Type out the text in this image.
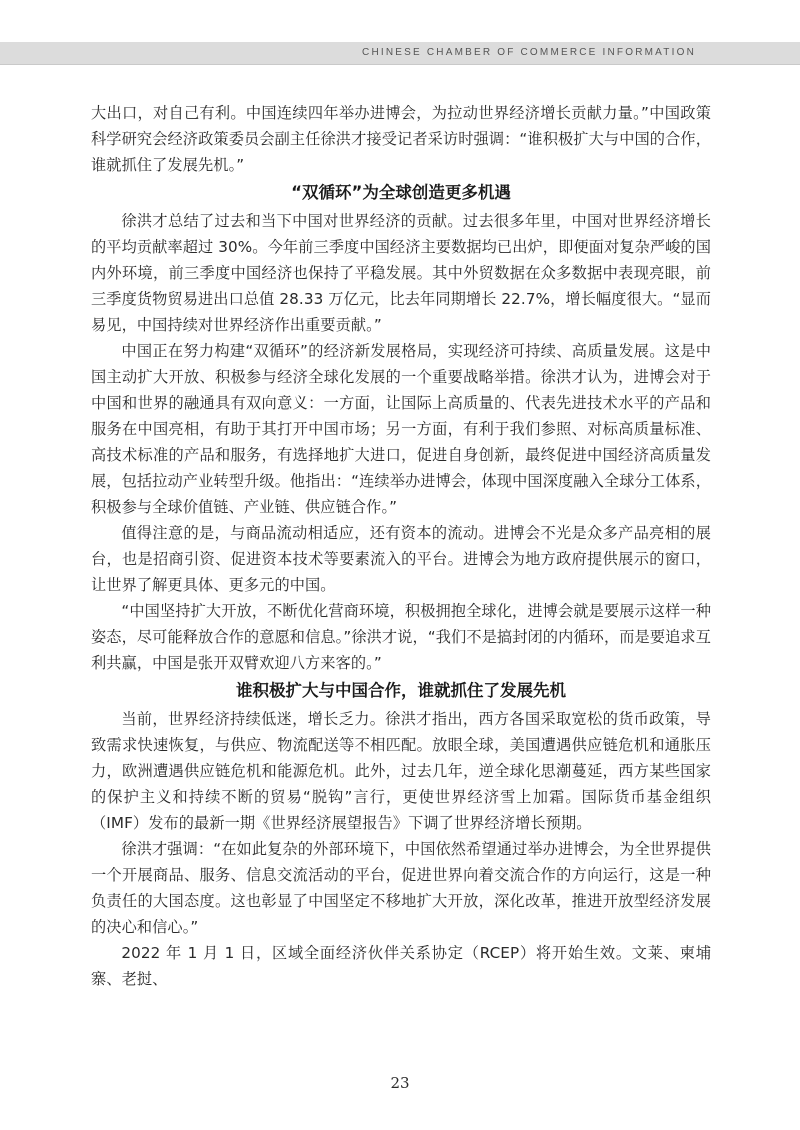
CHINESE CHAMBER OF COMMERCE INFORMATION

大出口，对自己有利。中国连续四年举办进博会，为拉动世界经济增长贡献力量。”中国政策科学研究会经济政策委员会副主任徐洪才接受记者采访时强调：“谁积极扩大与中国的合作，谁就抓住了发展先机。”

“双循环”为全球创造更多机遇

徐洪才总结了过去和当下中国对世界经济的贡献。过去很多年里，中国对世界经济增长的平均贡献率超过 30%。今年前三季度中国经济主要数据均已出炉，即便面对复杂严峻的国内外环境，前三季度中国经济也保持了平稳发展。其中外贸数据在众多数据中表现亮眼，前三季度货物贸易进出口总值 28.33 万亿元，比去年同期增长 22.7%，增长幅度很大。“显而易见，中国持续对世界经济作出重要贡献。”

中国正在努力构建“双循环”的经济新发展格局，实现经济可持续、高质量发展。这是中国主动扩大开放、积极参与经济全球化发展的一个重要战略举措。徐洪才认为，进博会对于中国和世界的融通具有双向意义：一方面，让国际上高质量的、代表先进技术水平的产品和服务在中国亮相，有助于其打开中国市场；另一方面，有利于我们参照、对标高质量标准、高技术标准的产品和服务，有选择地扩大进口，促进自身创新，最终促进中国经济高质量发展，包括拉动产业转型升级。他指出：“连续举办进博会，体现中国深度融入全球分工体系，积极参与全球价值链、产业链、供应链合作。”

值得注意的是，与商品流动相适应，还有资本的流动。进博会不光是众多产品亮相的展台，也是招商引资、促进资本技术等要素流入的平台。进博会为地方政府提供展示的窗口，让世界了解更具体、更多元的中国。

“中国坚持扩大开放，不断优化营商环境，积极拥抱全球化，进博会就是要展示这样一种姿态，尽可能释放合作的意愿和信息。”徐洪才说，“我们不是搞封闭的内循环，而是要追求互利共赢，中国是张开双臂欢迎八方来客的。”

谁积极扩大与中国合作，谁就抓住了发展先机

当前，世界经济持续低迷，增长乏力。徐洪才指出，西方各国采取宽松的货币政策，导致需求快速恢复，与供应、物流配送等不相匹配。放眼全球，美国遭遇供应链危机和通胀压力，欧洲遭遇供应链危机和能源危机。此外，过去几年，逆全球化思潮蔓延，西方某些国家的保护主义和持续不断的贸易“脱钩”言行，更使世界经济雪上加霜。国际货币基金组织（IMF）发布的最新一期《世界经济展望报告》下调了世界经济增长预期。

徐洪才强调：“在如此复杂的外部环境下，中国依然希望通过举办进博会，为全世界提供一个开展商品、服务、信息交流活动的平台，促进世界向着交流合作的方向运行，这是一种负责任的大国态度。这也彰显了中国坚定不移地扩大开放，深化改革，推进开放型经济发展的决心和信心。”

2022 年 1 月 1 日，区域全面经济伙伴关系协定（RCEP）将开始生效。文莱、柬埔寨、老挝、

23
